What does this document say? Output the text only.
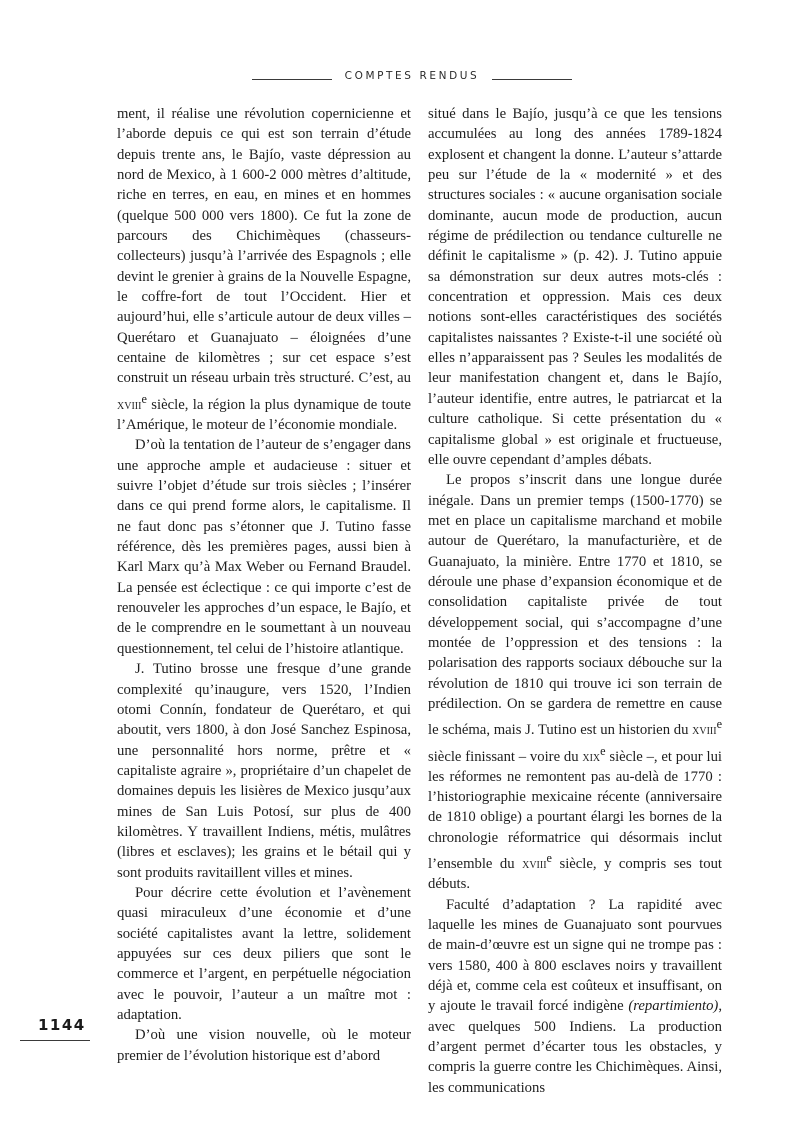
COMPTES RENDUS

ment, il réalise une révolution copernicienne et l’aborde depuis ce qui est son terrain d’étude depuis trente ans, le Bajío, vaste dépression au nord de Mexico, à 1 600-2 000 mètres d’altitude, riche en terres, en eau, en mines et en hommes (quelque 500 000 vers 1800). Ce fut la zone de parcours des Chichimèques (chasseurs-collecteurs) jusqu’à l’arrivée des Espagnols ; elle devint le grenier à grains de la Nouvelle Espagne, le coffre-fort de tout l’Occident. Hier et aujourd’hui, elle s’articule autour de deux villes – Querétaro et Guanajuato – éloignées d’une centaine de kilomètres ; sur cet espace s’est construit un réseau urbain très structuré. C’est, au xviii$^e$ siècle, la région la plus dynamique de toute l’Amérique, le moteur de l’économie mondiale.

D’où la tentation de l’auteur de s’engager dans une approche ample et audacieuse : situer et suivre l’objet d’étude sur trois siècles ; l’insérer dans ce qui prend forme alors, le capitalisme. Il ne faut donc pas s’étonner que J. Tutino fasse référence, dès les premières pages, aussi bien à Karl Marx qu’à Max Weber ou Fernand Braudel. La pensée est éclectique : ce qui importe c’est de renouveler les approches d’un espace, le Bajío, et de le comprendre en le soumettant à un nouveau questionnement, tel celui de l’histoire atlantique.

J. Tutino brosse une fresque d’une grande complexité qu’inaugure, vers 1520, l’Indien otomi Connín, fondateur de Querétaro, et qui aboutit, vers 1800, à don José Sanchez Espinosa, une personnalité hors norme, prêtre et « capitaliste agraire », propriétaire d’un chapelet de domaines depuis les lisières de Mexico jusqu’aux mines de San Luis Potosí, sur plus de 400 kilomètres. Y travaillent Indiens, métis, mulâtres (libres et esclaves); les grains et le bétail qui y sont produits ravitaillent villes et mines.

Pour décrire cette évolution et l’avènement quasi miraculeux d’une économie et d’une société capitalistes avant la lettre, solidement appuyées sur ces deux piliers que sont le commerce et l’argent, en perpétuelle négociation avec le pouvoir, l’auteur a un maître mot : adaptation.

D’où une vision nouvelle, où le moteur premier de l’évolution historique est d’abord

situé dans le Bajío, jusqu’à ce que les tensions accumulées au long des années 1789-1824 explosent et changent la donne. L’auteur s’attarde peu sur l’étude de la « modernité » et des structures sociales : « aucune organisation sociale dominante, aucun mode de production, aucun régime de prédilection ou tendance culturelle ne définit le capitalisme » (p. 42). J. Tutino appuie sa démonstration sur deux autres mots-clés : concentration et oppression. Mais ces deux notions sont-elles caractéristiques des sociétés capitalistes naissantes ? Existe-t-il une société où elles n’apparaissent pas ? Seules les modalités de leur manifestation changent et, dans le Bajío, l’auteur identifie, entre autres, le patriarcat et la culture catholique. Si cette présentation du « capitalisme global » est originale et fructueuse, elle ouvre cependant d’amples débats.

Le propos s’inscrit dans une longue durée inégale. Dans un premier temps (1500-1770) se met en place un capitalisme marchand et mobile autour de Querétaro, la manufacturière, et de Guanajuato, la minière. Entre 1770 et 1810, se déroule une phase d’expansion économique et de consolidation capitaliste privée de tout développement social, qui s’accompagne d’une montée de l’oppression et des tensions : la polarisation des rapports sociaux débouche sur la révolution de 1810 qui trouve ici son terrain de prédilection. On se gardera de remettre en cause le schéma, mais J. Tutino est un historien du xviii$^e$ siècle finissant – voire du xix$^e$ siècle –, et pour lui les réformes ne remontent pas au-delà de 1770 : l’historiographie mexicaine récente (anniversaire de 1810 oblige) a pourtant élargi les bornes de la chronologie réformatrice qui désormais inclut l’ensemble du xviii$^e$ siècle, y compris ses tout débuts.

Faculté d’adaptation ? La rapidité avec laquelle les mines de Guanajuato sont pourvues de main-d’œuvre est un signe qui ne trompe pas : vers 1580, 400 à 800 esclaves noirs y travaillent déjà et, comme cela est coûteux et insuffisant, on y ajoute le travail forcé indigène (repartimiento), avec quelques 500 Indiens. La production d’argent permet d’écarter tous les obstacles, y compris la guerre contre les Chichimèques. Ainsi, les communications

1144
